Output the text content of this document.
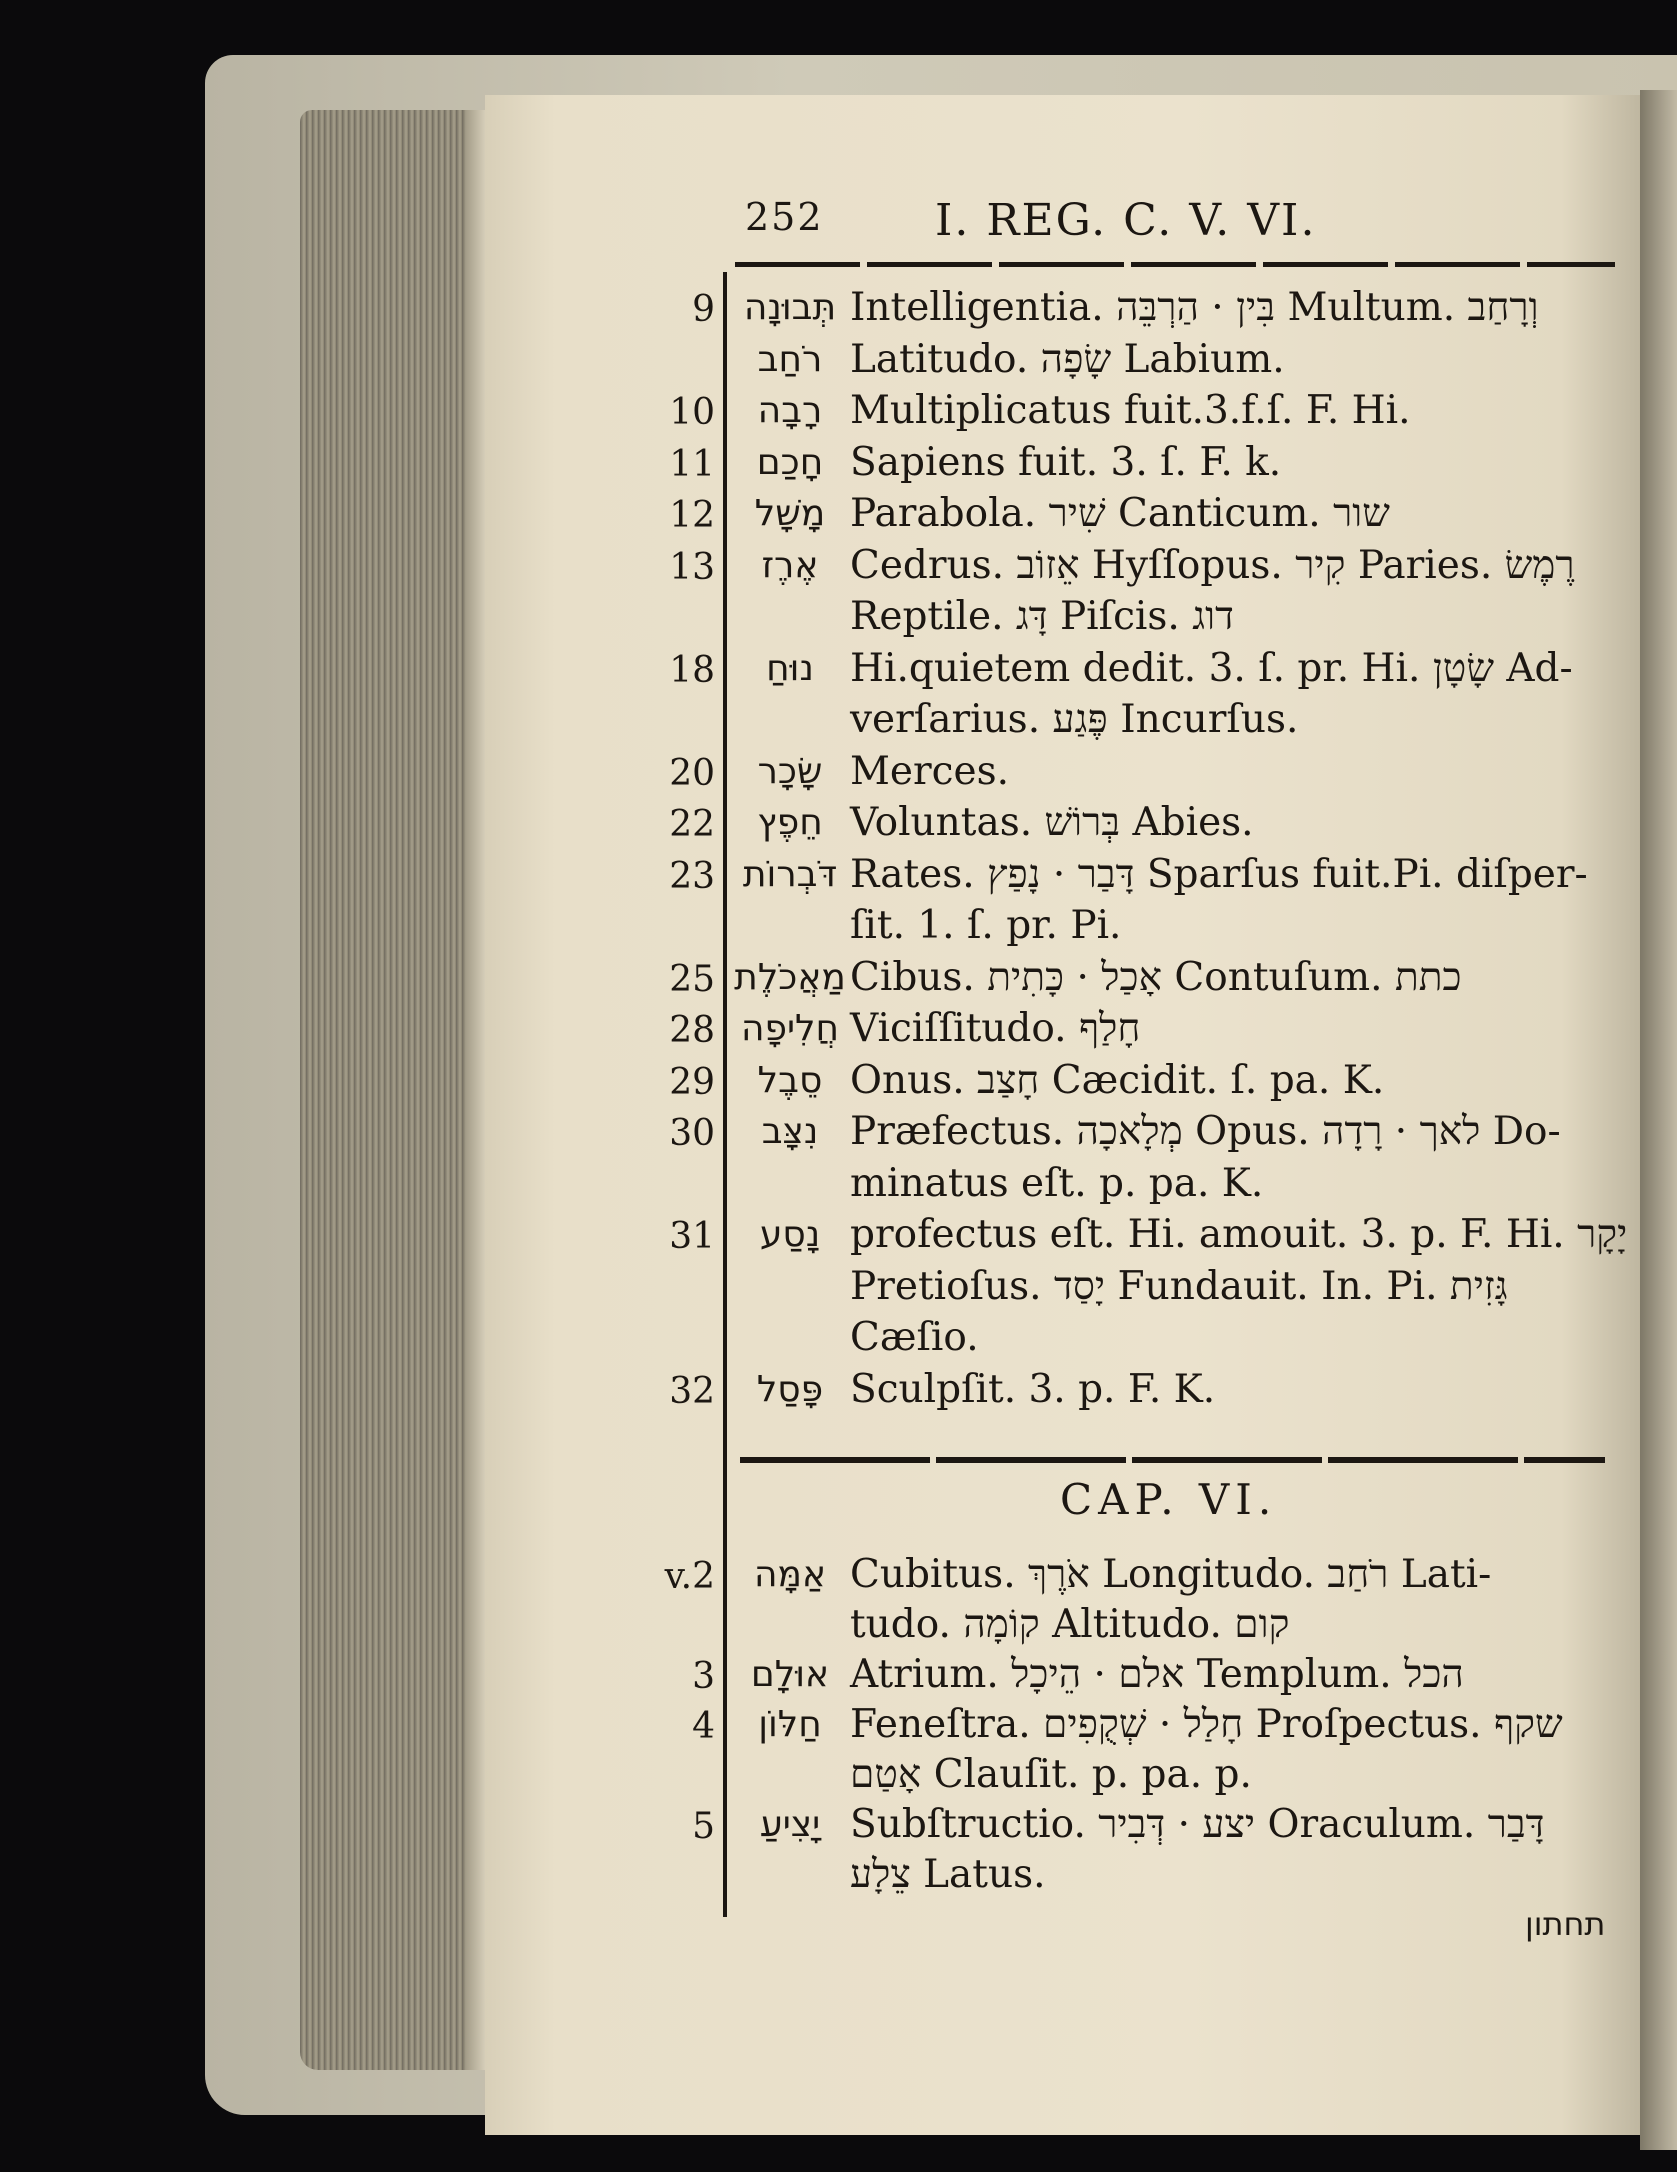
252	I. REG. C. V. VI.
9 תְּבוּנָה Intelligentia. בִּין · הַרְבֵּה Multum. וְרָחַב
רֹחַב Latitudo. שָׂפָה Labium.
10	רָבָה Multiplicatus fuit.3.f.ſ. F. Hi.
11	חָכַם Sapiens fuit. 3. ſ. F. k.
12	מָשָׁל Parabola. שִׁיר Canticum. שור
13	אֶרֶז Cedrus. אֵזוֹב Hyſſopus. קִיר Paries. רֶמֶשׂ
Reptile. דָּג Piſcis. דוג
18	נוּחַ Hi.quietem dedit. 3. ſ. pr. Hi. שָׂטָן Ad-
verſarius. פֶּגַע Incurſus.
20	שָׂכָר Merces.
22	חֵפֶץ Voluntas. בְּרוֹשׁ Abies.
23 דֹּבְרוֹת Rates. דָּבַר · נָפַץ Sparſus fuit.Pi. diſper-
ſit. 1. ſ. pr. Pi.
25 מַאֲכֹלֶת Cibus. אָכַל · כָּתִית Contuſum. כתת
28 חֲלִיפָה Viciſſitudo. חָלַף
29	סֵבֶל Onus. חָצַב Cæcidit. ſ. pa. K.
30	נִצָּב Præfectus. מְלָאכָה Opus. לאך · רָדָה Do-
minatus eſt. p. pa. K.
31	נָסַע profectus eſt. Hi. amouit. 3. p. F. Hi. יָקָר
Pretioſus. יָסַד Fundauit. In. Pi. גָּזִית
Cæſio.
32	פָּסַל Sculpſit. 3. p. F. K.
CAP. VI.
v.2	אַמָּה Cubitus. אֹרֶךְ Longitudo. רֹחַב Lati-
tudo. קוֹמָה Altitudo. קום
3 אוּלָם Atrium. אלם · הֵיכָל Templum. הכל
4	חַלּוֹן Feneſtra. חָלַל · שְׁקֻפִים Proſpectus. שקף
אָטַם Clauſit. p. pa. p.
5	יָצִיעַ Subſtructio. יצע · דְּבִיר Oraculum. דָּבַר
צֵלָע Latus.
תחתון
